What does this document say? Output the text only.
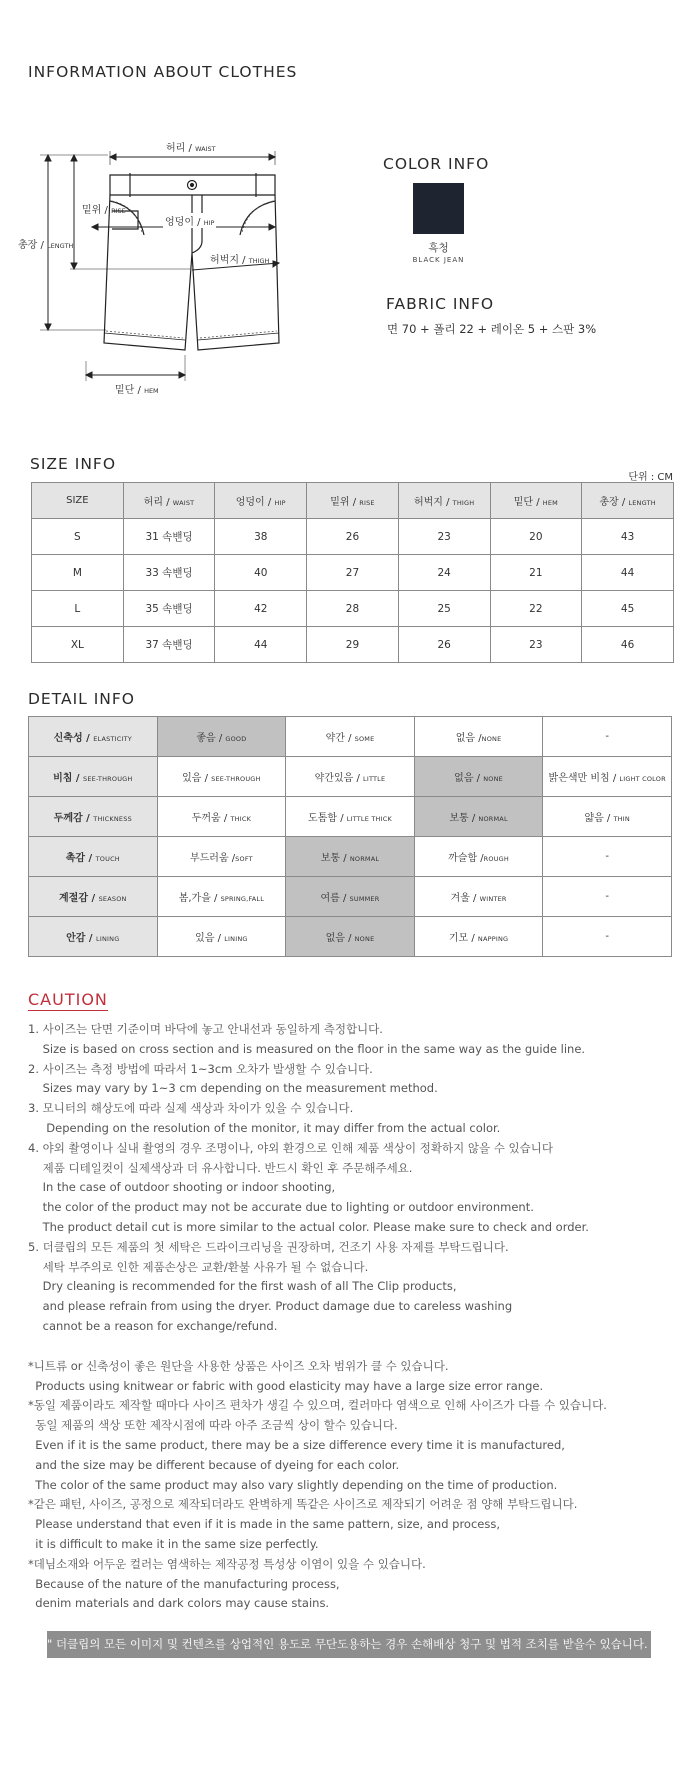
INFORMATION ABOUT CLOTHES
허리 / WAIST
밑위 / RISE
엉덩이 / HIP
총장 / LENGTH
허벅지 / THIGH
밑단 / HEM
COLOR INFO
흑청
BLACK JEAN
FABRIC INFO
면 70 + 폴리 22 + 레이온 5 + 스판 3%
SIZE INFO
단위 : CM
SIZE	허리 / WAIST	엉덩이 / HIP	밑위 / RISE	허벅지 / THIGH	밑단 / HEM	총장 / LENGTH
S	31 속밴딩	38	26	23	20	43
M	33 속밴딩	40	27	24	21	44
L	35 속밴딩	42	28	25	22	45
XL	37 속밴딩	44	29	26	23	46
DETAIL INFO
신축성 / ELASTICITY	좋음 / GOOD	약간 / SOME	없음 /NONE	-
비침 / SEE-THROUGH	있음 / SEE-THROUGH	약간있음 / LITTLE	없음 / NONE	밝은색만 비침 / LIGHT COLOR
두께감 / THICKNESS	두꺼움 / THICK	도톰함 / LITTLE THICK	보통 / NORMAL	얇음 / THIN
촉감 / TOUCH	부드러움 /SOFT	보통 / NORMAL	까슬함 /ROUGH	-
계절감 / SEASON	봄,가을 / SPRING,FALL	여름 / SUMMER	겨울 / WINTER	-
안감 / LINING	있음 / LINING	없음 / NONE	기모 / NAPPING	-
CAUTION
1. 사이즈는 단면 기준이며 바닥에 놓고 안내선과 동일하게 측정합니다.
Size is based on cross section and is measured on the floor in the same way as the guide line.
2. 사이즈는 측정 방법에 따라서 1~3cm 오차가 발생할 수 있습니다.
Sizes may vary by 1~3 cm depending on the measurement method.
3. 모니터의 해상도에 따라 실제 색상과 차이가 있을 수 있습니다.
Depending on the resolution of the monitor, it may differ from the actual color.
4. 야외 촬영이나 실내 촬영의 경우 조명이나, 야외 환경으로 인해 제품 색상이 정확하지 않을 수 있습니다
제품 디테일컷이 실제색상과 더 유사합니다. 반드시 확인 후 주문해주세요.
In the case of outdoor shooting or indoor shooting,
the color of the product may not be accurate due to lighting or outdoor environment.
The product detail cut is more similar to the actual color. Please make sure to check and order.
5. 더클립의 모든 제품의 첫 세탁은 드라이크리닝을 권장하며, 건조기 사용 자제를 부탁드립니다.
세탁 부주의로 인한 제품손상은 교환/환불 사유가 될 수 없습니다.
Dry cleaning is recommended for the first wash of all The Clip products,
and please refrain from using the dryer. Product damage due to careless washing
cannot be a reason for exchange/refund.
*니트류 or 신축성이 좋은 원단을 사용한 상품은 사이즈 오차 범위가 클 수 있습니다.
Products using knitwear or fabric with good elasticity may have a large size error range.
*동일 제품이라도 제작할 때마다 사이즈 편차가 생길 수 있으며, 컬러마다 염색으로 인해 사이즈가 다를 수 있습니다.
동일 제품의 색상 또한 제작시점에 따라 아주 조금씩 상이 할수 있습니다.
Even if it is the same product, there may be a size difference every time it is manufactured,
and the size may be different because of dyeing for each color.
The color of the same product may also vary slightly depending on the time of production.
*같은 패턴, 사이즈, 공정으로 제작되더라도 완벽하게 똑같은 사이즈로 제작되기 어려운 점 양해 부탁드립니다.
Please understand that even if it is made in the same pattern, size, and process,
it is difficult to make it in the same size perfectly.
*데님소재와 어두운 컬러는 염색하는 제작공정 특성상 이염이 있을 수 있습니다.
Because of the nature of the manufacturing process,
denim materials and dark colors may cause stains.
" 더클립의 모든 이미지 및 컨텐츠를 상업적인 용도로 무단도용하는 경우 손해배상 청구 및 법적 조치를 받을수 있습니다. "
